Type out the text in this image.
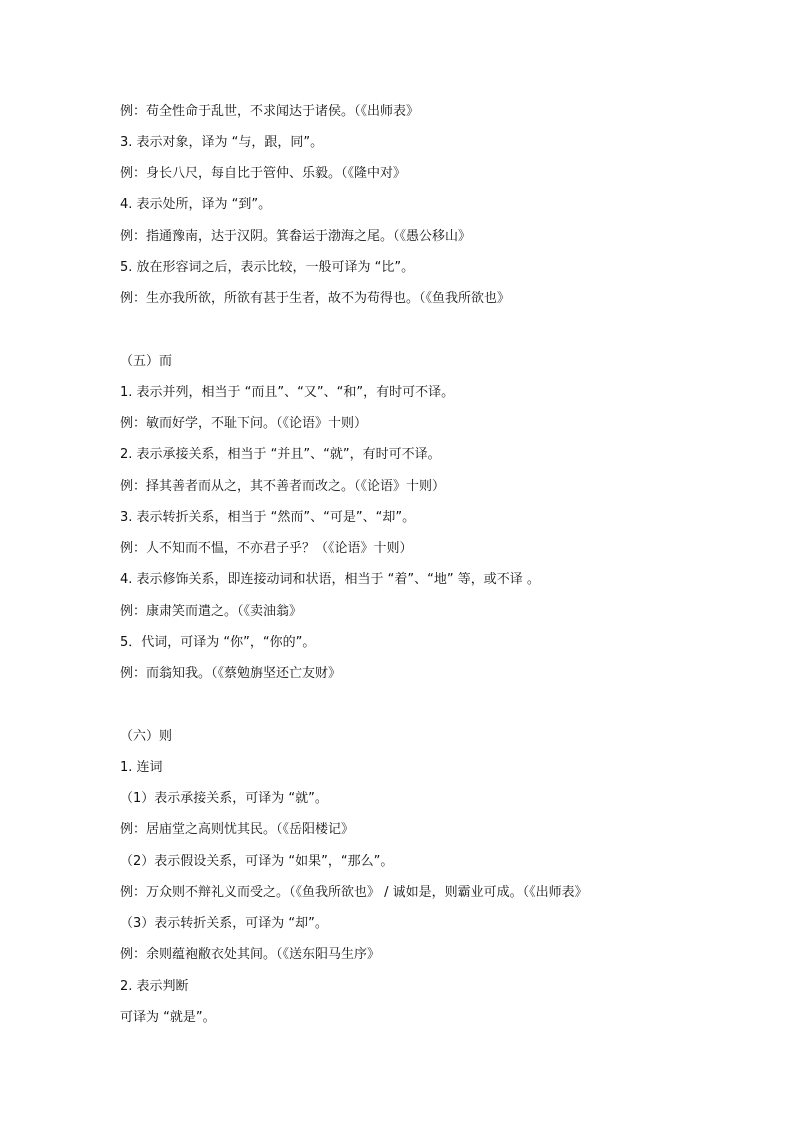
例：苟全性命于乱世，不求闻达于诸侯。（《出师表》
3. 表示对象，译为 “与，跟，同”。
例：身长八尺，每自比于管仲、乐毅。（《隆中对》
4. 表示处所，译为 “到”。
例：指通豫南，达于汉阴。箕畚运于渤海之尾。（《愚公移山》
5. 放在形容词之后，表示比较，一般可译为 “比”。
例：生亦我所欲，所欲有甚于生者，故不为苟得也。（《鱼我所欲也》
（五）而
1. 表示并列，相当于 “而且”、“又”、“和”，有时可不译。
例：敏而好学，不耻下问。（《论语》十则）
2. 表示承接关系，相当于 “并且”、“就”，有时可不译。
例：择其善者而从之，其不善者而改之。（《论语》十则）
3. 表示转折关系，相当于 “然而”、“可是”、“却”。
例：人不知而不愠，不亦君子乎？（《论语》十则）
4. 表示修饰关系，即连接动词和状语，相当于 “着”、“地” 等，或不译 。
例：康肃笑而遣之。（《卖油翁》
5．代词，可译为 “你”，“你的”。
例：而翁知我。（《蔡勉旃坚还亡友财》
（六）则
1. 连词
（1）表示承接关系，可译为 “就”。
例：居庙堂之高则忧其民。（《岳阳楼记》
（2）表示假设关系，可译为 “如果”，“那么”。
例：万众则不辩礼义而受之。（《鱼我所欲也》 / 诚如是，则霸业可成。（《出师表》
（3）表示转折关系，可译为 “却”。
例：余则蕴袍敝衣处其间。（《送东阳马生序》
2. 表示判断
可译为 “就是”。
